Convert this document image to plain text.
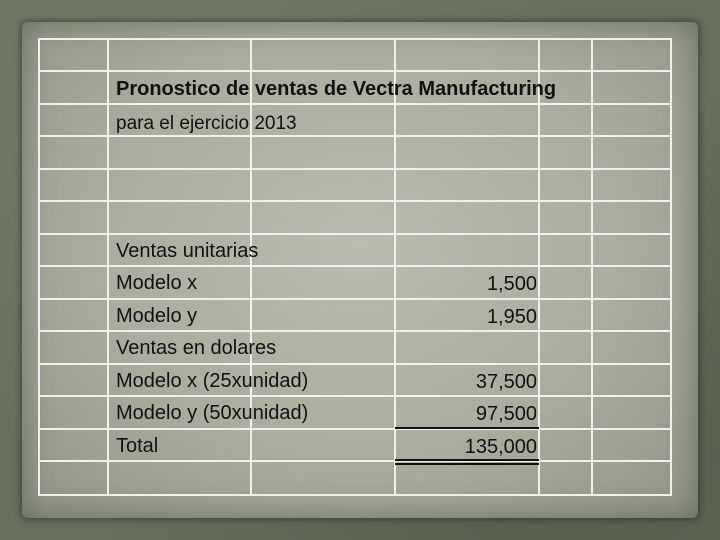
Pronostico de ventas de Vectra Manufacturing
para el ejercicio 2013
Ventas unitarias
Modelo x	1,500
Modelo y	1,950
Ventas en dolares
Modelo x (25xunidad)	37,500
Modelo y (50xunidad)	97,500
Total	135,000
